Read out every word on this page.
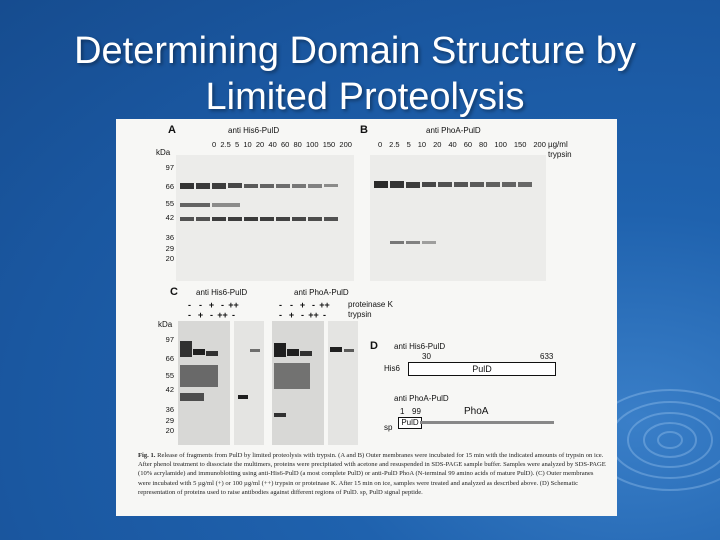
Determining Domain Structure by
Limited Proteolysis
A	anti His6-PulD
0 2.5 5 10 20 40 60 80 100 150 200
B	anti PhoA-PulD
0 2.5 5 10 20 40 60 80 100 150 200 µg/ml
trypsin
kDa
97
66
55
42
36
29
20
C anti His6-PulD	anti PhoA-PulD
- - + - ++	- - + - ++
- + - ++ -	- + - ++ -
proteinase K
trypsin
kDa
97
66
55
42
36
29
20
D anti His6-PulD
30	633
His6	PulD
anti PhoA-PulD
1 99
sp
PulD
PhoA
Fig. 1. Release of fragments from PulD by limited proteolysis with trypsin. (A and B) Outer membranes were incubated for 15 min with the indicated amounts of trypsin on ice. After phenol treatment to dissociate the multimers, proteins were precipitated with acetone and resuspended in SDS-PAGE sample buffer. Samples were analyzed by SDS-PAGE (10% acrylamide) and immunoblotting using anti-His6-PulD (a most complete PulD) or anti-PulD PhoA (N-terminal 99 amino acids of mature PulD). (C) Outer membranes were incubated with 5 µg/ml (+) or 100 µg/ml (++) trypsin or proteinase K. After 15 min on ice, samples were treated and analyzed as described above. (D) Schematic representation of proteins used to raise antibodies against different regions of PulD. sp, PulD signal peptide.
